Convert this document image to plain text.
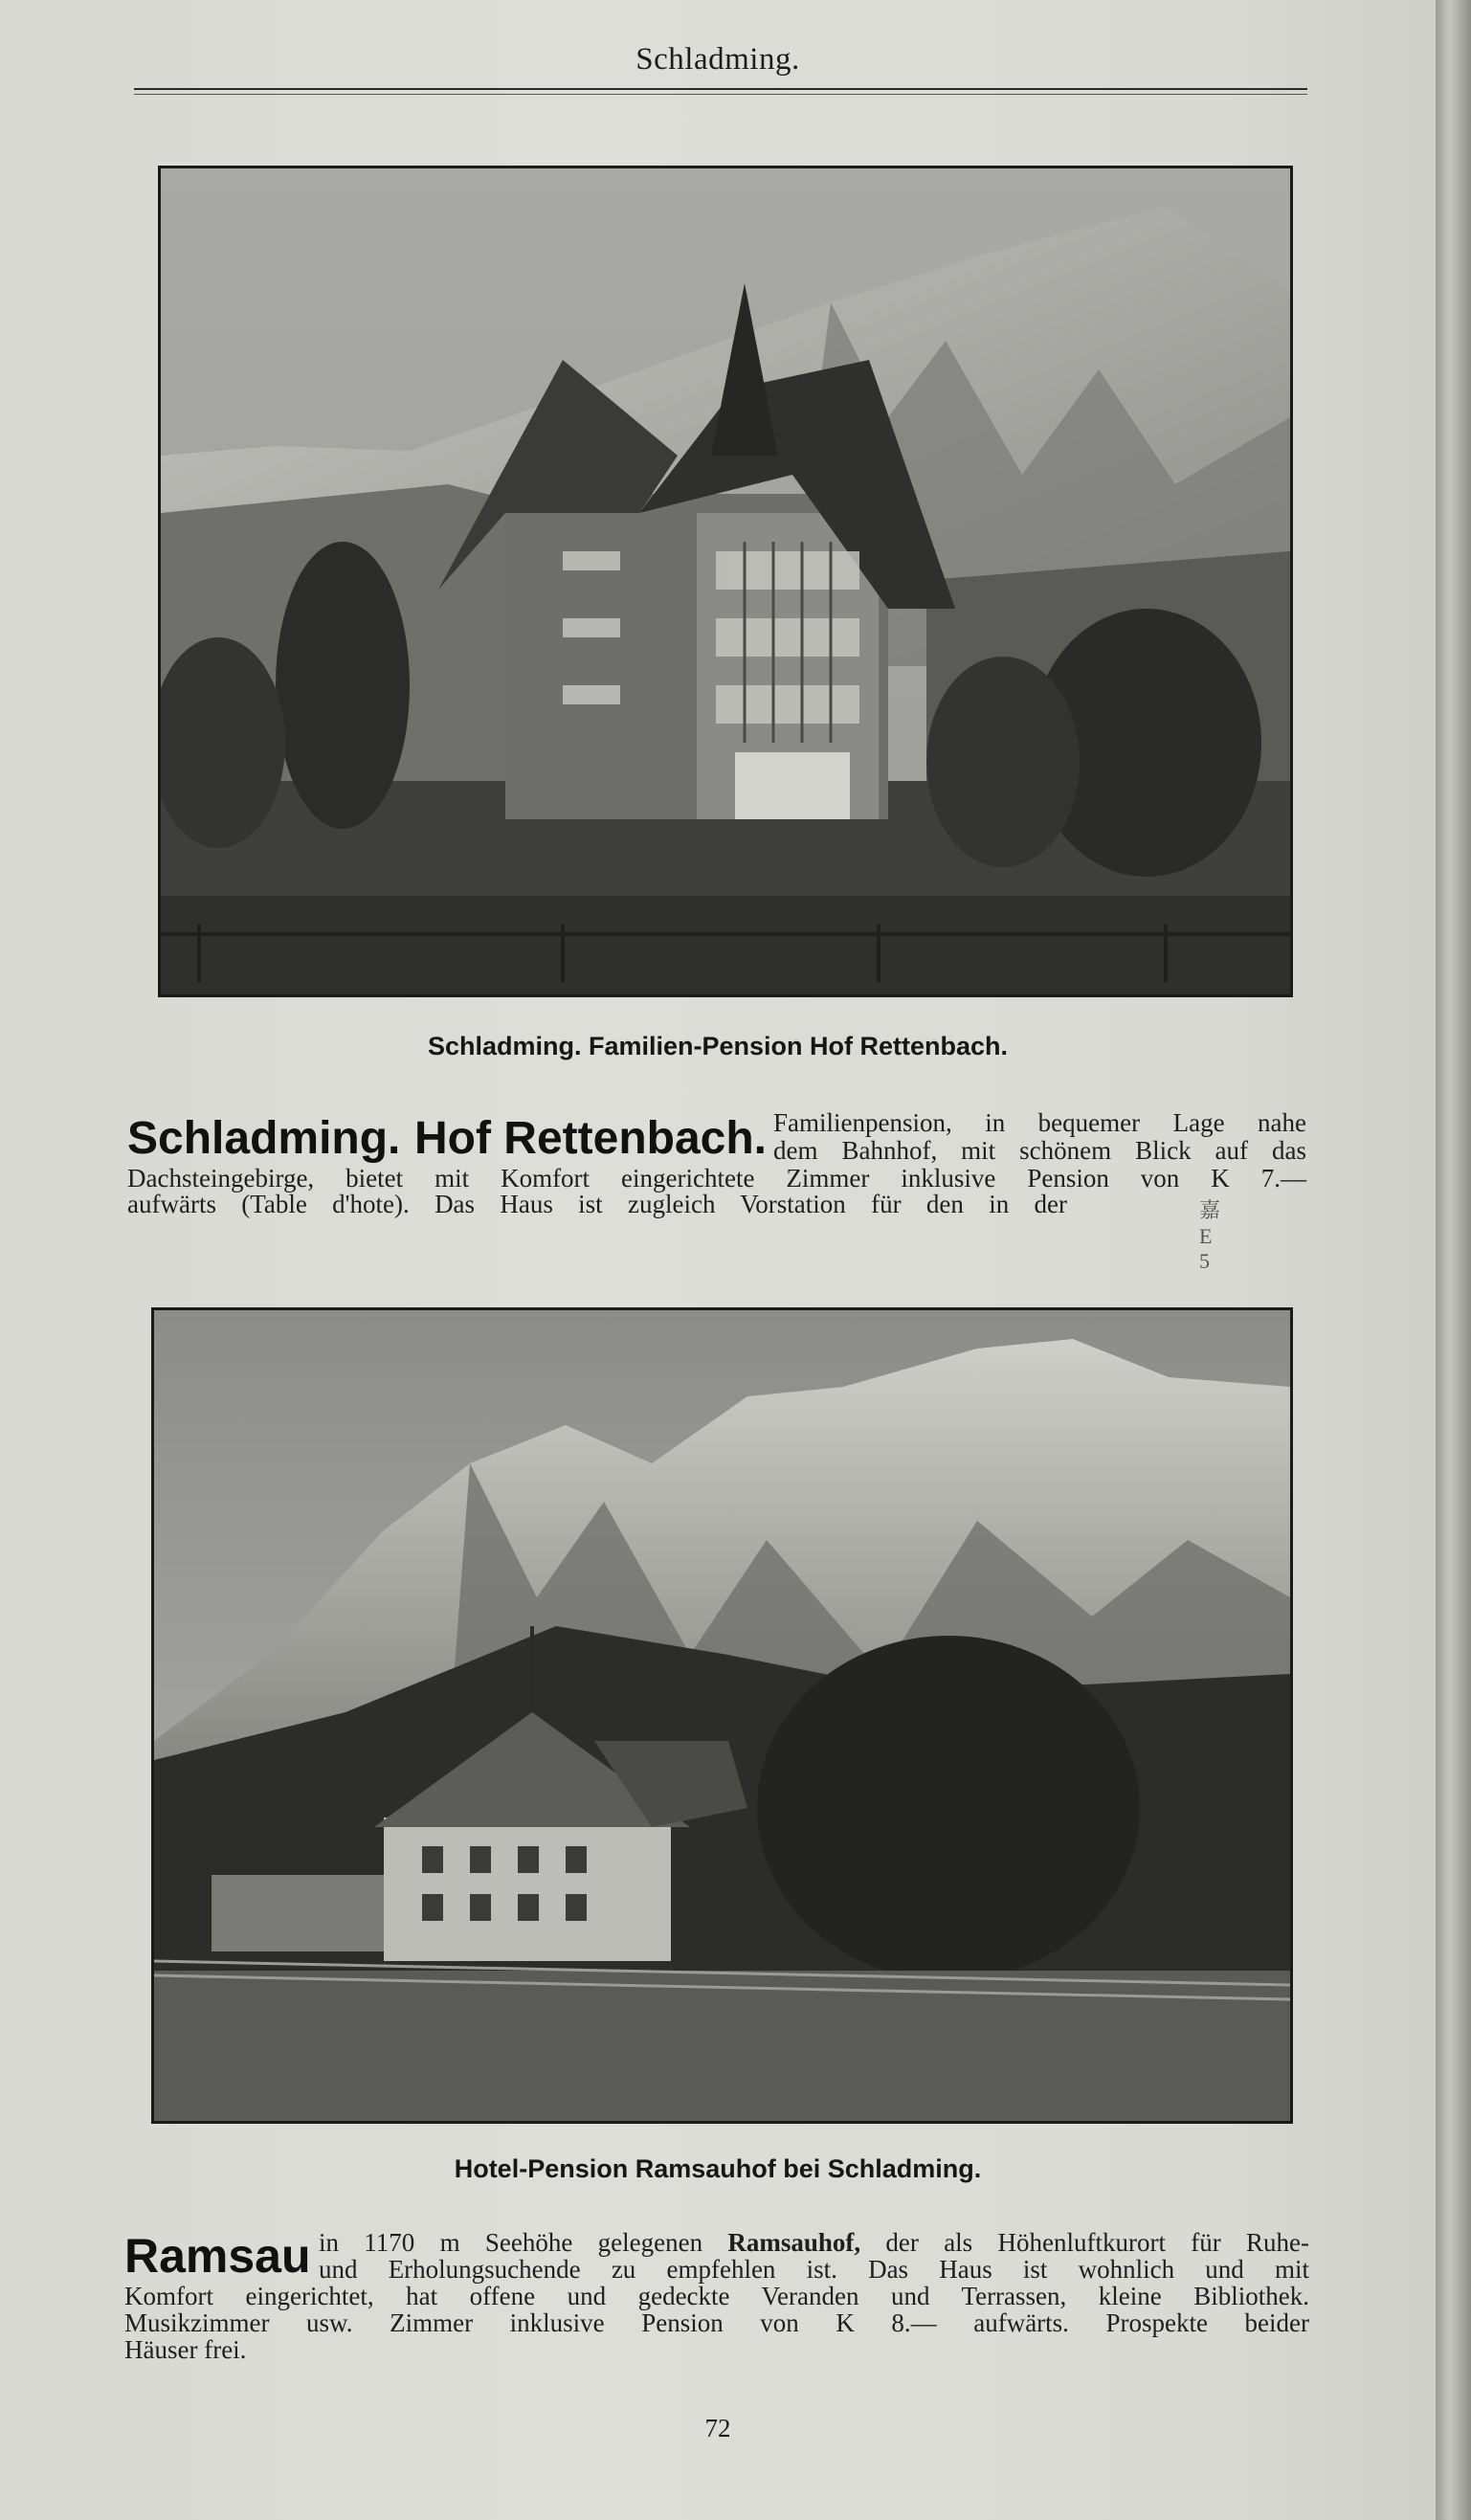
Schladming.
Schladming. Familien-Pension Hof Rettenbach.
Schladming. Hof Rettenbach. Familienpension, in bequemer Lage nahe
dem Bahnhof, mit schönem Blick auf das
Dachsteingebirge, bietet mit Komfort eingerichtete Zimmer inklusive Pension von K 7.—
aufwärts (Table d'hote). Das Haus ist zugleich Vorstation für den in der	嘉 E 5
Hotel-Pension Ramsauhof bei Schladming.
Ramsau in 1170 m Seehöhe gelegenen Ramsauhof, der als Höhenluftkurort für Ruhe-
und Erholungsuchende zu empfehlen ist. Das Haus ist wohnlich und mit
Komfort eingerichtet, hat offene und gedeckte Veranden und Terrassen, kleine Bibliothek.
Musikzimmer usw. Zimmer inklusive Pension von K 8.— aufwärts. Prospekte beider
Häuser frei.
72
